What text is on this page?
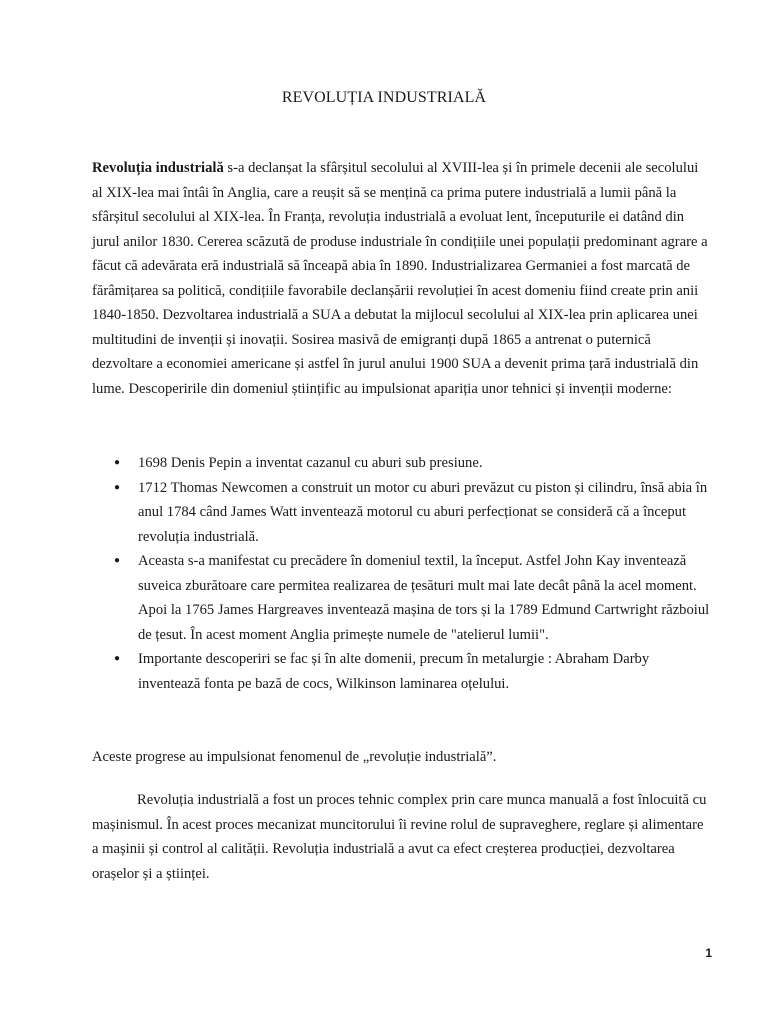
REVOLUȚIA INDUSTRIALĂ

Revoluția industrială s-a declanșat la sfârșitul secolului al XVIII-lea și în primele decenii ale secolului al XIX-lea mai întâi în Anglia, care a reușit să se mențină ca prima putere industrială a lumii până la sfârșitul secolului al XIX-lea. În Franța, revoluția industrială a evoluat lent, începuturile ei datând din jurul anilor 1830. Cererea scăzută de produse industriale în condițiile unei populații predominant agrare a făcut că adevărata eră industrială să înceapă abia în 1890. Industrializarea Germaniei a fost marcată de fărâmițarea sa politică, condițiile favorabile declanșării revoluției în acest domeniu fiind create prin anii 1840-1850. Dezvoltarea industrială a SUA a debutat la mijlocul secolului al XIX-lea prin aplicarea unei multitudini de invenții și inovații. Sosirea masivă de emigranți după 1865 a antrenat o puternică dezvoltare a economiei americane și astfel în jurul anului 1900 SUA a devenit prima țară industrială din lume. Descoperirile din domeniul științific au impulsionat apariția unor tehnici și invenții moderne:

● 1698 Denis Pepin a inventat cazanul cu aburi sub presiune.
● 1712 Thomas Newcomen a construit un motor cu aburi prevăzut cu piston și cilindru, însă abia în anul 1784 când James Watt inventează motorul cu aburi perfecționat se consideră că a început revoluția industrială.
● Aceasta s-a manifestat cu precădere în domeniul textil, la început. Astfel John Kay inventează suveica zburătoare care permitea realizarea de țesături mult mai late decât până la acel moment. Apoi la 1765 James Hargreaves inventează mașina de tors și la 1789 Edmund Cartwright războiul de țesut. În acest moment Anglia primește numele de "atelierul lumii".
● Importante descoperiri se fac și în alte domenii, precum în metalurgie : Abraham Darby inventează fonta pe bază de cocs, Wilkinson laminarea oțelului.

Aceste progrese au impulsionat fenomenul de „revoluție industrială”.

Revoluția industrială a fost un proces tehnic complex prin care munca manuală a fost înlocuită cu mașinismul. În acest proces mecanizat muncitorului îi revine rolul de supraveghere, reglare și alimentare a mașinii și control al calității. Revoluția industrială a avut ca efect creșterea producției, dezvoltarea orașelor și a științei.

1
